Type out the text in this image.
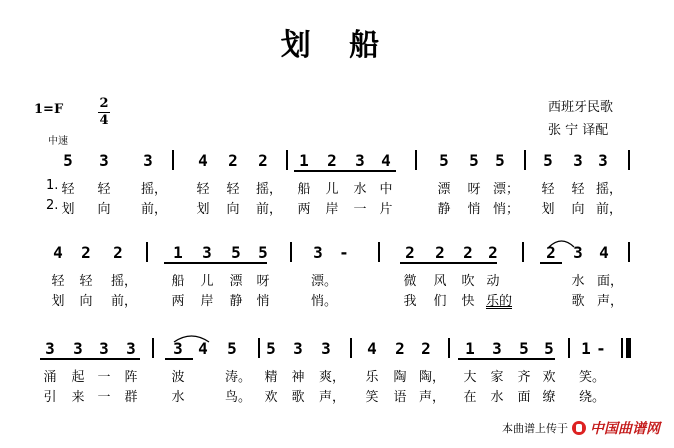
划 船
1=F	2
4
中速
西班牙民歌
张 宁 译配
5 3 3	4 2 2 1 2 3 4	5 5 5 5 3 3
1. 轻 轻 摇， 轻 轻 摇， 船 儿 水 中	漂 呀 漂； 轻 轻 摇，
2. 划 向 前， 划 向 前， 两 岸 一 片	静 悄 悄； 划 向 前，
4 2 2	1 3 5 5	3 -	2 2 2 2	2 3 4
轻 轻 摇，	船 儿 漂 呀	漂。	微 风 吹 动	水 面，
划 向 前，	两 岸 静 悄	悄。	我 们 快 乐的	歌 声，
3 3 3 3 3 4 5 5 3 3 4 2 2 1 3 5 5 1 -
涌 起 一 阵	波	涛。 精 神 爽， 乐 陶 陶， 大 家 齐 欢 笑。
引 来 一 群	水	鸟。 欢 歌 声， 笑 语 声， 在 水 面 缭 绕。
本曲谱上传于 中国曲谱网
